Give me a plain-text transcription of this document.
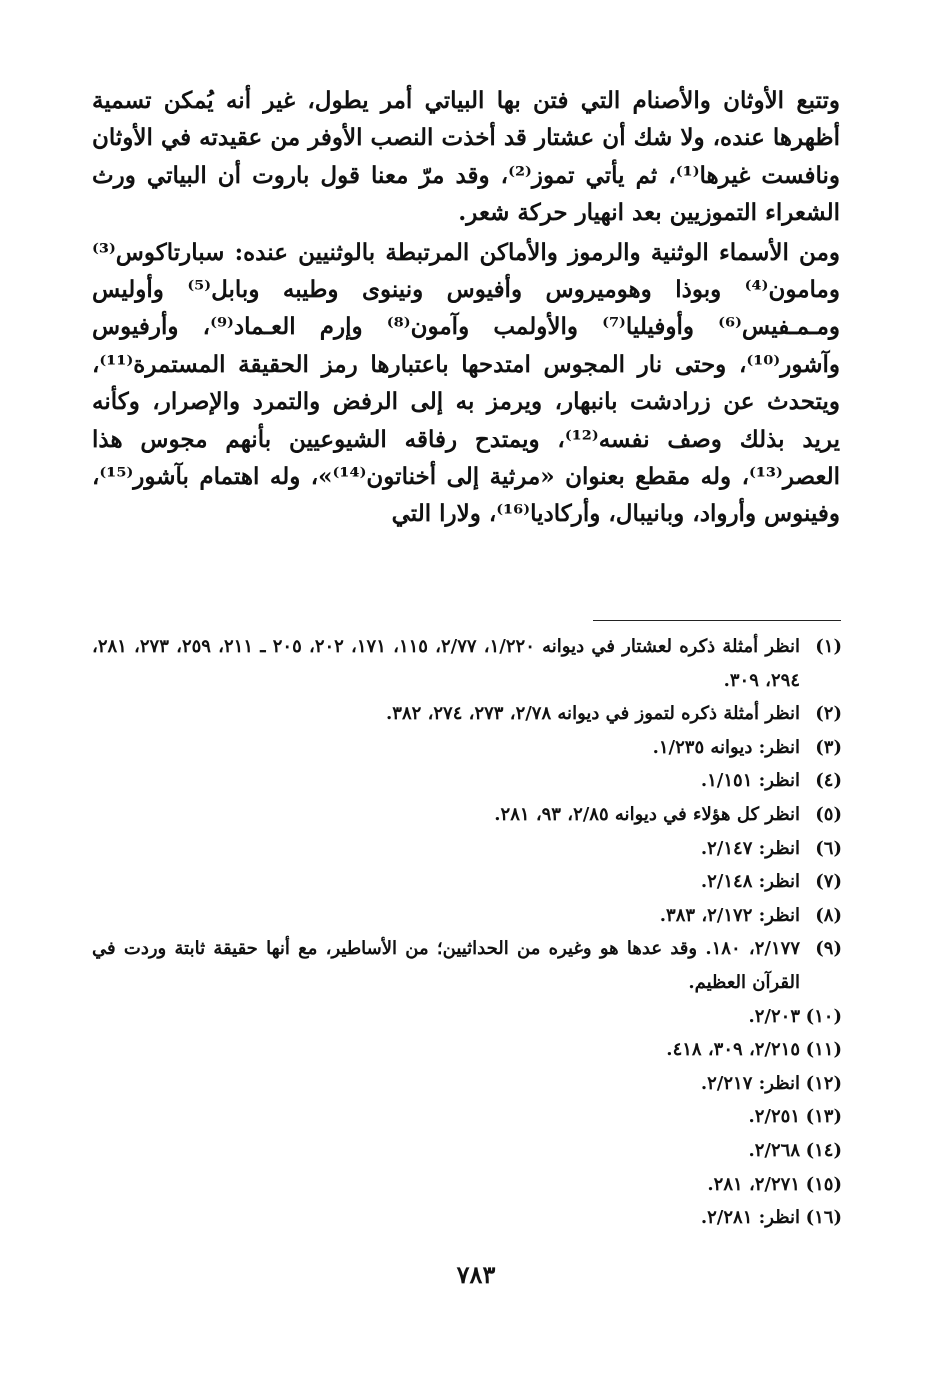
وتتبع الأوثان والأصنام التي فتن بها البياتي أمر يطول، غير أنه يُمكن تسمية أظهرها عنده، ولا شك أن عشتار قد أخذت النصب الأوفر من عقيدته في الأوثان ونافست غيرها⁽¹⁾، ثم يأتي تموز⁽²⁾، وقد مرّ معنا قول باروت أن البياتي ورث الشعراء التموزيين بعد انهيار حركة شعر.

ومن الأسماء الوثنية والرموز والأماكن المرتبطة بالوثنيين عنده: سبارتاكوس⁽³⁾ ومامون⁽⁴⁾ وبوذا وهوميروس وأفيوس ونينوى وطيبه وبابل⁽⁵⁾ وأوليس ومـمـفيس⁽⁶⁾ وأوفيليا⁽⁷⁾ والأولمب وآمون⁽⁸⁾ وإرم العـماد⁽⁹⁾، وأرفيوس وآشور⁽¹⁰⁾، وحتى نار المجوس امتدحها باعتبارها رمز الحقيقة المستمرة⁽¹¹⁾، ويتحدث عن زرادشت بانبهار، ويرمز به إلى الرفض والتمرد والإصرار، وكأنه يريد بذلك وصف نفسه⁽¹²⁾، ويمتدح رفاقه الشيوعيين بأنهم مجوس هذا العصر⁽¹³⁾، وله مقطع بعنوان «مرثية إلى أخناتون⁽¹⁴⁾»، وله اهتمام بآشور⁽¹⁵⁾، وفينوس وأرواد، وبانيبال، وأركاديا⁽¹⁶⁾، ولارا التي

(١)
انظر أمثلة ذكره لعشتار في ديوانه ١/٢٢٠، ٢/٧٧، ١١٥، ١٧١، ٢٠٢، ٢٠٥ ـ ٢١١، ٢٥٩، ٢٧٣، ٢٨١، ٢٩٤، ٣٠٩.
(٢)
انظر أمثلة ذكره لتموز في ديوانه ٢/٧٨، ٢٧٣، ٢٧٤، ٣٨٢.
(٣)
انظر: ديوانه ١/٢٣٥.
(٤)
انظر: ١/١٥١.
(٥)
انظر كل هؤلاء في ديوانه ٢/٨٥، ٩٣، ٢٨١.
(٦)
انظر: ٢/١٤٧.
(٧)
انظر: ٢/١٤٨.
(٨)
انظر: ٢/١٧٢، ٣٨٣.
(٩)
٢/١٧٧، ١٨٠. وقد عدها هو وغيره من الحداثيين؛ من الأساطير، مع أنها حقيقة ثابتة وردت في القرآن العظيم.
(١٠)
٢/٢٠٣.
(١١)
٢/٢١٥، ٣٠٩، ٤١٨.
(١٢)
انظر: ٢/٢١٧.
(١٣)
٢/٢٥١.
(١٤)
٢/٢٦٨.
(١٥)
٢/٢٧١، ٢٨١.
(١٦)
انظر: ٢/٢٨١.
٧٨٣
